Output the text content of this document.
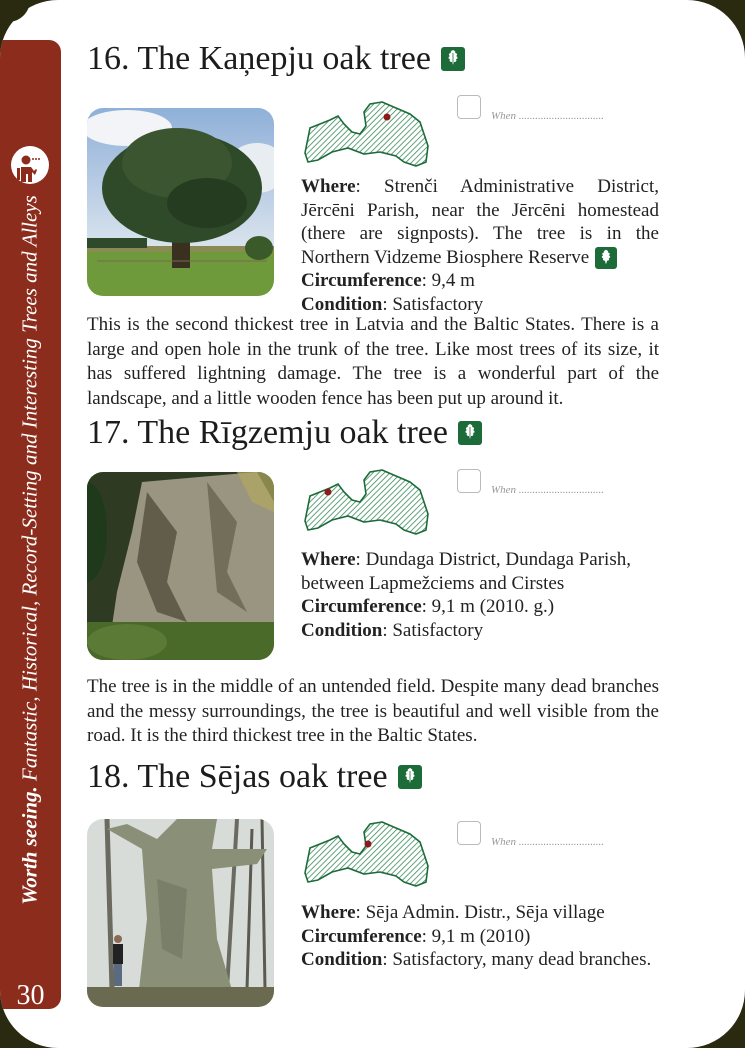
Worth seeing. Fantastic, Historical, Record-Setting and Interesting Trees and Alleys
30
16. The Kaņepju oak tree
When ...............................
Where: Strenči Administrative District, Jērcēni Parish, near the Jērcēni homestead (there are signposts). The tree is in the Northern Vidzeme Biosphere Reserve
Circumference: 9,4 m
Condition: Satisfactory
This is the second thickest tree in Latvia and the Baltic States. There is a large and open hole in the trunk of the tree. Like most trees of its size, it has suffered lightning damage. The tree is a wonderful part of the landscape, and a little wooden fence has been put up around it.
17. The Rīgzemju oak tree
When ...............................
Where: Dundaga District, Dundaga Parish, between Lapmežciems and Cirstes
Circumference: 9,1 m (2010. g.)
Condition: Satisfactory
The tree is in the middle of an untended field. Despite many dead branches and the messy surroundings, the tree is beautiful and well visible from the road. It is the third thickest tree in the Baltic States.
18. The Sējas oak tree
When ...............................
Where: Sēja Admin. Distr., Sēja village
Circumference: 9,1 m (2010)
Condition: Satisfactory, many dead branches.
